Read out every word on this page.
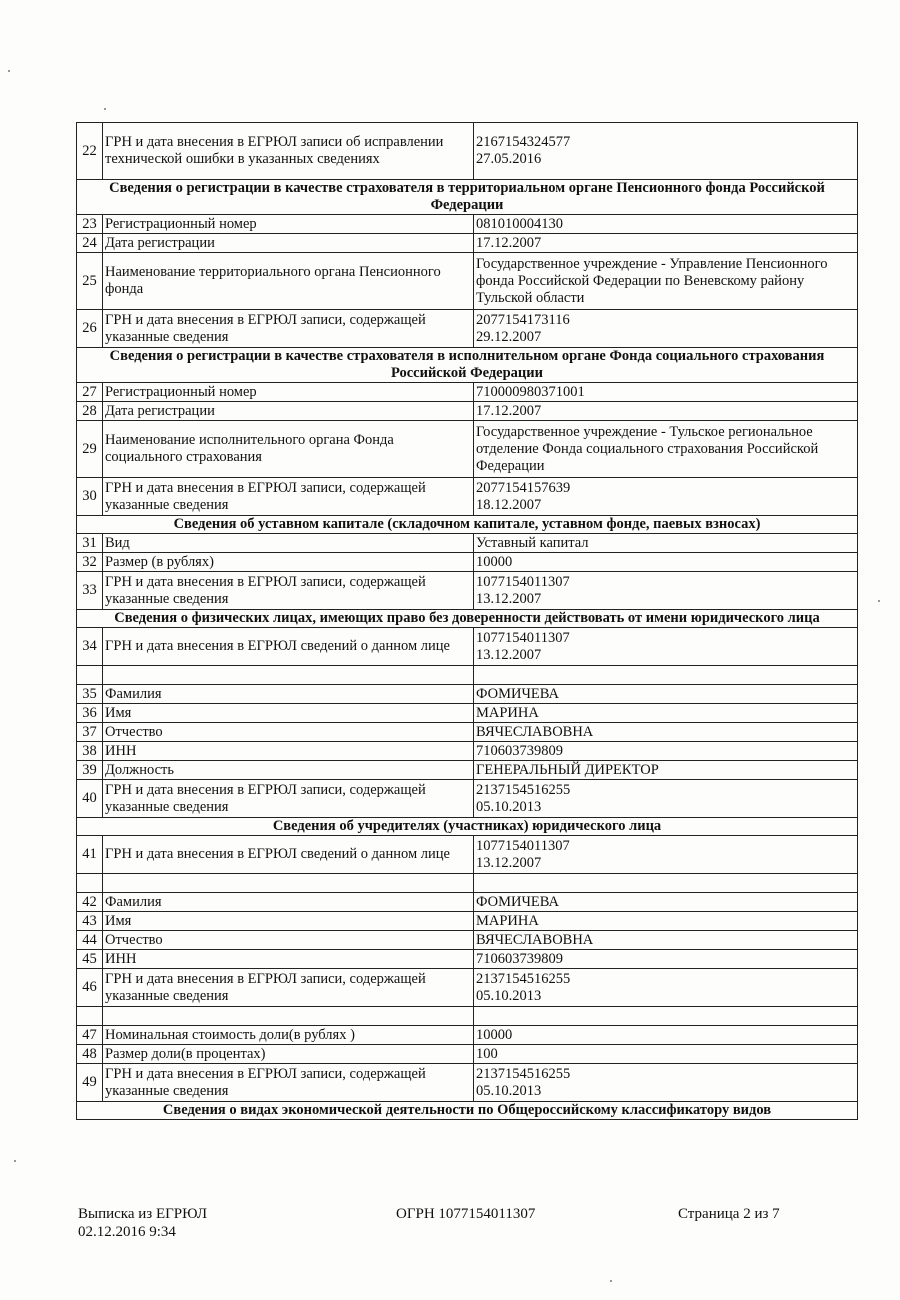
22	ГРН и дата внесения в ЕГРЮЛ записи об исправлении технической ошибки в указанных сведениях	2167154324577
27.05.2016

Сведения о регистрации в качестве страхователя в территориальном органе Пенсионного фонда Российской Федерации		
23	Регистрационный номер	081010004130

24	Дата регистрации	17.12.2007

25	Наименование территориального органа Пенсионного фонда	Государственное учреждение - Управление Пенсионного фонда Российской Федерации по Веневскому району Тульской области

26	ГРН и дата внесения в ЕГРЮЛ записи, содержащей указанные сведения	2077154173116
29.12.2007

Сведения о регистрации в качестве страхователя в исполнительном органе Фонда социального страхования Российской Федерации		
27	Регистрационный номер	710000980371001

28	Дата регистрации	17.12.2007

29	Наименование исполнительного органа Фонда социального страхования	Государственное учреждение - Тульское региональное отделение Фонда социального страхования Российской Федерации

30	ГРН и дата внесения в ЕГРЮЛ записи, содержащей указанные сведения	2077154157639
18.12.2007

Сведения об уставном капитале (складочном капитале, уставном фонде, паевых взносах)		
31	Вид	Уставный капитал

32	Размер (в рублях)	10000

33	ГРН и дата внесения в ЕГРЮЛ записи, содержащей указанные сведения	1077154011307
13.12.2007

Сведения о физических лицах, имеющих право без доверенности действовать от имени юридического лица		
34	ГРН и дата внесения в ЕГРЮЛ сведений о данном лице	1077154011307
13.12.2007

35	Фамилия	ФОМИЧЕВА

36	Имя	МАРИНА

37	Отчество	ВЯЧЕСЛАВОВНА

38	ИНН	710603739809

39	Должность	ГЕНЕРАЛЬНЫЙ ДИРЕКТОР

40	ГРН и дата внесения в ЕГРЮЛ записи, содержащей указанные сведения	2137154516255
05.10.2013

Сведения об учредителях (участниках) юридического лица		
41	ГРН и дата внесения в ЕГРЮЛ сведений о данном лице	1077154011307
13.12.2007

42	Фамилия	ФОМИЧЕВА

43	Имя	МАРИНА

44	Отчество	ВЯЧЕСЛАВОВНА

45	ИНН	710603739809

46	ГРН и дата внесения в ЕГРЮЛ записи, содержащей указанные сведения	2137154516255
05.10.2013

47	Номинальная стоимость доли(в рублях )	10000

48	Размер доли(в процентах)	100

49	ГРН и дата внесения в ЕГРЮЛ записи, содержащей указанные сведения	2137154516255
05.10.2013

Сведения о видах экономической деятельности по Общероссийскому классификатору видов		
Выписка из ЕГРЮЛ
02.12.2016 9:34
ОГРН 1077154011307	Страница 2 из 7
